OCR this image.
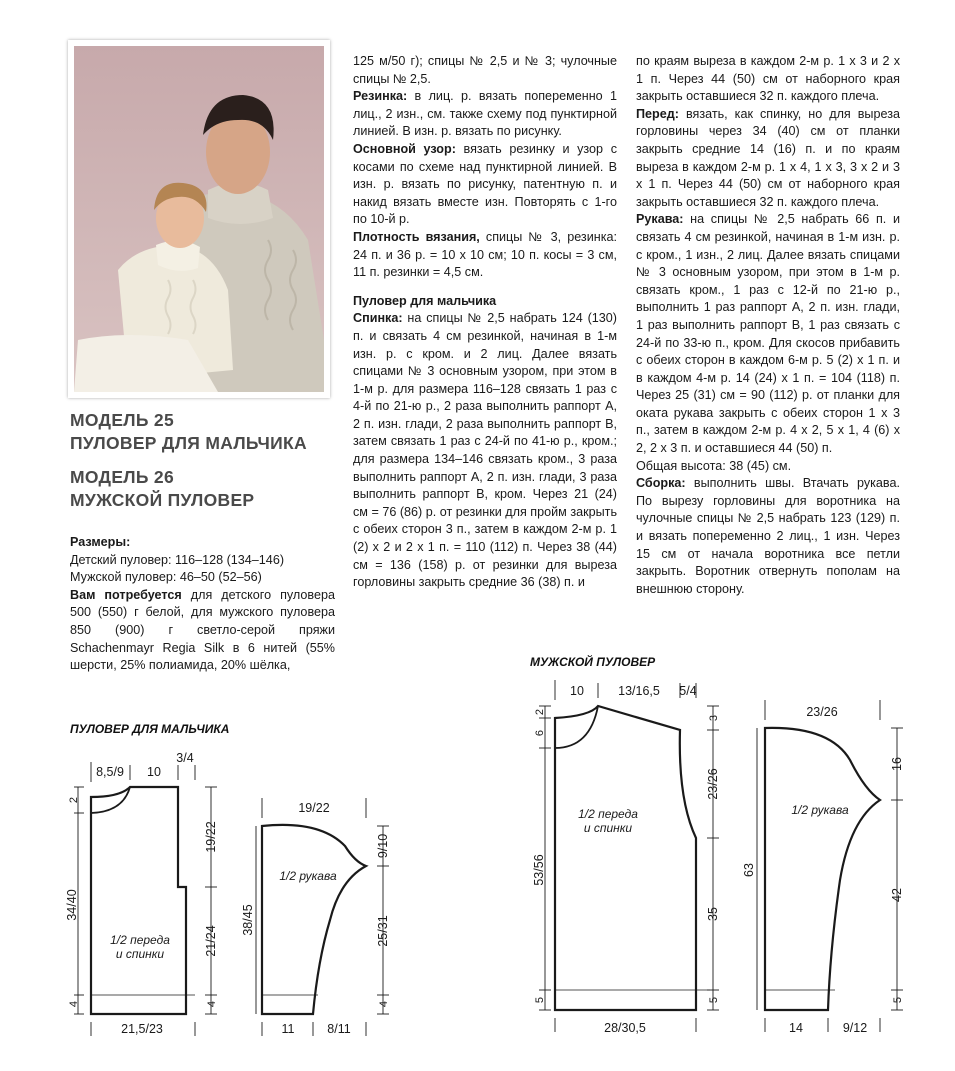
МОДЕЛЬ 25
ПУЛОВЕР ДЛЯ МАЛЬЧИКА
МОДЕЛЬ 26
МУЖСКОЙ ПУЛОВЕР

Размеры:

Детский пуловер: 116–128 (134–146)

Мужской пуловер: 46–50 (52–56)

Вам потребуется для детского пуловера 500 (550) г белой, для мужского пуловера 850 (900) г светло-серой пряжи Schachenmayr Regia Silk в 6 нитей (55% шерсти, 25% полиамида, 20% шёлка,

125 м/50 г); спицы № 2,5 и № 3; чулочные спицы № 2,5.

Резинка: в лиц. р. вязать попеременно 1 лиц., 2 изн., см. также схему под пунктирной линией. В изн. р. вязать по рисунку.

Основной узор: вязать резинку и узор с косами по схеме над пунктирной линией. В изн. р. вязать по рисунку, патентную п. и накид вязать вместе изн. Повторять с 1-го по 10-й р.

Плотность вязания, спицы № 3, резинка: 24 п. и 36 р. = 10 х 10 см; 10 п. косы = 3 см, 11 п. резинки = 4,5 см.

Пуловер для мальчика

Спинка: на спицы № 2,5 набрать 124 (130) п. и связать 4 см резинкой, начиная в 1-м изн. р. с кром. и 2 лиц. Далее вязать спицами № 3 основным узором, при этом в 1-м р. для размера 116–128 связать 1 раз с 4-й по 21-ю р., 2 раза выполнить раппорт А, 2 п. изн. глади, 2 раза выполнить раппорт В, затем связать 1 раз с 24-й по 41-ю р., кром.; для размера 134–146 связать кром., 3 раза выполнить раппорт А, 2 п. изн. глади, 3 раза выполнить раппорт В, кром. Через 21 (24) см = 76 (86) р. от резинки для пройм закрыть с обеих сторон 3 п., затем в каждом 2-м р. 1 (2) х 2 и 2 х 1 п. = 110 (112) п. Через 38 (44) см = 136 (158) р. от резинки для выреза горловины закрыть средние 36 (38) п. и

по краям выреза в каждом 2-м р. 1 х 3 и 2 х 1 п. Через 44 (50) см от наборного края закрыть оставшиеся 32 п. каждого плеча.

Перед: вязать, как спинку, но для выреза горловины через 34 (40) см от планки закрыть средние 14 (16) п. и по краям выреза в каждом 2-м р. 1 х 4, 1 х 3, 3 х 2 и 3 х 1 п. Через 44 (50) см от наборного края закрыть оставшиеся 32 п. каждого плеча.

Рукава: на спицы № 2,5 набрать 66 п. и связать 4 см резинкой, начиная в 1-м изн. р. с кром., 1 изн., 2 лиц. Далее вязать спицами № 3 основным узором, при этом в 1-м р. связать кром., 1 раз с 12-й по 21-ю р., выполнить 1 раз раппорт А, 2 п. изн. глади, 1 раз выполнить раппорт В, 1 раз связать с 24-й по 33-ю п., кром. Для скосов прибавить с обеих сторон в каждом 6-м р. 5 (2) х 1 п. и в каждом 4-м р. 14 (24) х 1 п. = 104 (118) п. Через 25 (31) см = 90 (112) р. от планки для оката рукава закрыть с обеих сторон 1 х 3 п., затем в каждом 2-м р. 4 х 2, 5 х 1, 4 (6) х 2, 2 х 3 п. и оставшиеся 44 (50) п.

Общая высота: 38 (45) см.

Сборка: выполнить швы. Втачать рукава. По вырезу горловины для воротника на чулочные спицы № 2,5 набрать 123 (129) п. и вязать попеременно 2 лиц., 1 изн. Через 15 см от начала воротника все петли закрыть. Воротник отвернуть пополам на внешнюю сторону.

ПУЛОВЕР ДЛЯ МАЛЬЧИКА
МУЖСКОЙ ПУЛОВЕР
8,5/9 10
3/4
2
34/40
4
19/22
21/24
4
21,5/23
1/2 переда
и спинки
19/22
38/45
9/10
25/31
4
11	8/11
1/2 рукава
10	13/16,5 5/4
2
6
53/56
5
3
23/26
35
5
28/30,5
1/2 переда
и спинки
23/26
63
16
42
5
14	9/12
1/2 рукава
